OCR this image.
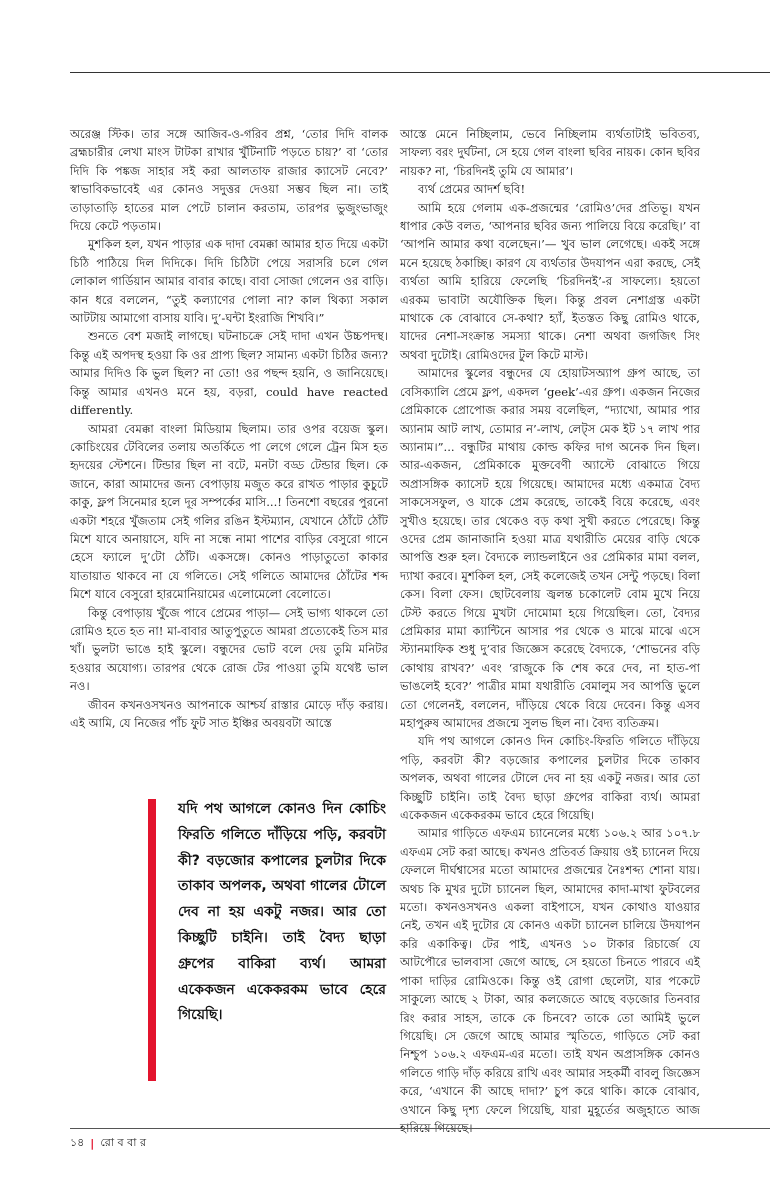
অরেঞ্জ স্টিক। তার সঙ্গে আজিব-ও-গরিব প্রশ্ন, ‘তোর দিদি বালক ব্রহ্মচারীর লেখা মাংস টাটকা রাখার খুঁটিনাটি পড়তে চায়?’ বা ‘তোর দিদি কি পঙ্কজ সাহার সই করা আলতাফ রাজার ক্যাসেট নেবে?’ স্বাভাবিকভাবেই এর কোনও সদুত্তর দেওয়া সম্ভব ছিল না। তাই তাড়াতাড়ি হাতের মাল পেটে চালান করতাম, তারপর ভুজুংভাজুং দিয়ে কেটে পড়তাম।

মুশকিল হল, যখন পাড়ার এক দাদা বেমক্কা আমার হাত দিয়ে একটা চিঠি পাঠিয়ে দিল দিদিকে। দিদি চিঠিটা পেয়ে সরাসরি চলে গেল লোকাল গার্ডিয়ান আমার বাবার কাছে। বাবা সোজা গেলেন ওর বাড়ি। কান ধরে বললেন, “তুই কল্যাণের পোলা না? কাল থিক্যা সকাল আটটায় আমাগো বাসায় যাবি। দু’-ঘন্টা ইংরাজি শিখবি।”

শুনতে বেশ মজাই লাগছে। ঘটনাচক্রে সেই দাদা এখন উচ্চপদস্থ। কিন্তু এই অপদস্থ হওয়া কি ওর প্রাপ্য ছিল? সামান্য একটা চিঠির জন্য? আমার দিদিও কি ভুল ছিল? না তো! ওর পছন্দ হয়নি, ও জানিয়েছে। কিন্তু আমার এখনও মনে হয়, বড়রা, could have reacted differently.

আমরা বেমক্কা বাংলা মিডিয়াম ছিলাম। তার ওপর বয়েজ স্কুল। কোচিংয়ের টেবিলের তলায় অতর্কিতে পা লেগে গেলে ট্রেন মিস হত হৃদয়ের স্টেশনে। টিন্ডার ছিল না বটে, মনটা বড্ড টেন্ডার ছিল। কে জানে, কারা আমাদের জন্য বেপাড়ায় মজুত করে রাখত পাড়ার কুচুটে কাকু, ফ্লপ সিনেমার হলে দূর সম্পর্কের মাসি...! তিনশো বছরের পুরনো একটা শহরে খুঁজতাম সেই গলির রঙিন ইস্টম্যান, যেখানে ঠোঁটে ঠোঁট মিশে যাবে অনায়াসে, যদি না সন্ধে নামা পাশের বাড়ির বেসুরো গানে হেসে ফ্যালে দু’টো ঠোঁট। একসঙ্গে। কোনও পাড়াতুতো কাকার যাতায়াত থাকবে না যে গলিতে। সেই গলিতে আমাদের ঠোঁটের শব্দ মিশে যাবে বেসুরো হারমোনিয়ামের এলোমেলো বেলোতে।

কিন্তু বেপাড়ায় খুঁজে পাবে প্রেমের পাড়া— সেই ভাগ্য থাকলে তো রোমিও হতে হত না! মা-বাবার আতুপুতুতে আমরা প্রত্যেকেই তিস মার খাঁ। ভুলটা ভাঙে হাই স্কুলে। বন্ধুদের ভোট বলে দেয় তুমি মনিটর হওয়ার অযোগ্য। তারপর থেকে রোজ টের পাওয়া তুমি যথেষ্ট ভাল নও।

জীবন কখনওসখনও আপনাকে আশ্চর্য রাস্তার মোড়ে দাঁড় করায়। এই আমি, যে নিজের পাঁচ ফুট সাত ইঞ্চির অবয়বটা আস্তে

আস্তে মেনে নিচ্ছিলাম, ভেবে নিচ্ছিলাম ব্যর্থতাটাই ভবিতব্য, সাফল্য বরং দুর্ঘটনা, সে হয়ে গেল বাংলা ছবির নায়ক। কোন ছবির নায়ক? না, ‘চিরদিনই তুমি যে আমার’।

ব্যর্থ প্রেমের আদর্শ ছবি!

আমি হয়ে গেলাম এক-প্রজন্মের ‘রোমিও’দের প্রতিভূ। যখন ধাপার কেউ বলত, ‘আপনার ছবির জন্য পালিয়ে বিয়ে করেছি।’ বা ‘আপনি আমার কথা বলেছেন।’— খুব ভাল লেগেছে। একই সঙ্গে মনে হয়েছে ঠকাচ্ছি। কারণ যে ব্যর্থতার উদযাপন এরা করছে, সেই ব্যর্থতা আমি হারিয়ে ফেলেছি ‘চিরদিনই’-র সাফল্যে। হয়তো এরকম ভাবাটা অযৌক্তিক ছিল। কিন্তু প্রবল নেশাগ্রস্ত একটা মাথাকে কে বোঝাবে সে-কথা? হ্যাঁ, ইতস্তত কিছু রোমিও থাকে, যাদের নেশা-সংক্রান্ত সমস্যা থাকে। নেশা অথবা জগজিৎ সিং অথবা দুটোই। রোমিওদের টুল কিটে মাস্ট।

আমাদের স্কুলের বন্ধুদের যে হোয়াটসঅ্যাপ গ্রুপ আছে, তা বেসিক্যালি প্রেমে ফ্লপ, একদল ‘geek’-এর গ্রুপ। একজন নিজের প্রেমিকাকে প্রোপোজ করার সময় বলেছিল, “দ্যাখো, আমার পার অ্যানাম আট লাখ, তোমার ন’-লাখ, লেট্স মেক ইট ১৭ লাখ পার অ্যানাম।”... বন্ধুটির মাথায় কোল্ড কফির দাগ অনেক দিন ছিল। আর-একজন, প্রেমিকাকে মুক্তবেণী অ্যাস্টে বোঝাতে গিয়ে অপ্রাসঙ্গিক ক্যাসেট হয়ে গিয়েছে। আমাদের মধ্যে একমাত্র বৈদ্য সাকসেসফুল, ও যাকে প্রেম করেছে, তাকেই বিয়ে করেছে, এবং সুখীও হয়েছে। তার থেকেও বড় কথা সুখী করতে পেরেছে। কিন্তু ওদের প্রেম জানাজানি হওয়া মাত্র যথারীতি মেয়ের বাড়ি থেকে আপত্তি শুরু হল। বৈদ্যকে ল্যান্ডলাইনে ওর প্রেমিকার মামা বলল, দ্যাখা করবে। মুশকিল হল, সেই কলেজেই তখন সেন্টু পড়ছে। বিলা কেস। বিলা ফেস। ছোটবেলায় জ্বলন্ত চকোলেট বোম মুখে নিয়ে টেস্ট করতে গিয়ে মুখটা দোমোমা হয়ে গিয়েছিল। তো, বৈদ্যর প্রেমিকার মামা ক্যান্টিনে আসার পর থেকে ও মাঝে মাঝে এসে স্ট্যানমাফিক শুধু দু’বার জিজ্ঞেস করেছে বৈদ্যকে, ‘শোভনের বড়ি কোথায় রাখব?’ এবং ‘রাজুকে কি শেষ করে দেব, না হাত-পা ভাঙলেই হবে?’ পাত্রীর মামা যথারীতি বেমালুম সব আপত্তি ভুলে তো গেলেনই, বললেন, দাঁড়িয়ে থেকে বিয়ে দেবেন। কিন্তু এসব মহাপুরুষ আমাদের প্রজন্মে সুলভ ছিল না। বৈদ্য ব্যতিক্রম।

যদি পথ আগলে কোনও দিন কোচিং-ফিরতি গলিতে দাঁড়িয়ে পড়ি, করবটা কী? বড়জোর কপালের চুলটার দিকে তাকাব অপলক, অথবা গালের টোলে দেব না হয় একটু নজর। আর তো কিচ্ছুটি চাইনি। তাই বৈদ্য ছাড়া গ্রুপের বাকিরা ব্যর্থ। আমরা একেকজন একেকরকম ভাবে হেরে গিয়েছি।

আমার গাড়িতে এফএম চ্যানেলের মধ্যে ১০৬.২ আর ১০৭.৮ এফএম সেট করা আছে। কখনও প্রতিবর্ত ক্রিয়ায় ওই চ্যানেল দিয়ে ফেললে দীর্ঘশ্বাসের মতো আমাদের প্রজন্মের নৈঃশব্দ্য শোনা যায়। অথচ কি মুখর দুটো চ্যানেল ছিল, আমাদের কাদা-মাখা ফুটবলের মতো। কখনওসখনও একলা বাইপাসে, যখন কোথাও যাওয়ার নেই, তখন এই দুটোর যে কোনও একটা চ্যানেল চালিয়ে উদযাপন করি একাকিত্ব। টের পাই, এখনও ১০ টাকার রিচার্জে যে আটপৌরে ভালবাসা জেগে আছে, সে হয়তো চিনতে পারবে এই পাকা দাড়ির রোমিওকে। কিন্তু ওই রোগা ছেলেটা, যার পকেটে সাকুল্যে আছে ২ টাকা, আর কলজেতে আছে বড়জোর তিনবার রিং করার সাহস, তাকে কে চিনবে? তাকে তো আমিই ভুলে গিয়েছি। সে জেগে আছে আমার স্মৃতিতে, গাড়িতে সেট করা নিশ্চুপ ১০৬.২ এফএম-এর মতো। তাই যখন অপ্রাসঙ্গিক কোনও গলিতে গাড়ি দাঁড় করিয়ে রাখি এবং আমার সহকর্মী বাবলু জিজ্ঞেস করে, ‘এখানে কী আছে দাদা?’ চুপ করে থাকি। কাকে বোঝাব, ওখানে কিছু দৃশ্য ফেলে গিয়েছি, যারা মুহূর্তের অজুহাতে আজ হারিয়ে গিয়েছে।

যদি পথ আগলে কোনও দিন কোচিং ফিরতি গলিতে দাঁড়িয়ে পড়ি, করবটা কী? বড়জোর কপালের চুলটার দিকে তাকাব অপলক, অথবা গালের টোলে দেব না হয় একটু নজর। আর তো কিচ্ছুটি চাইনি। তাই বৈদ্য ছাড়া গ্রুপের বাকিরা ব্যর্থ। আমরা একেকজন একেকরকম ভাবে হেরে গিয়েছি।
১৪ | রো ব বা র
